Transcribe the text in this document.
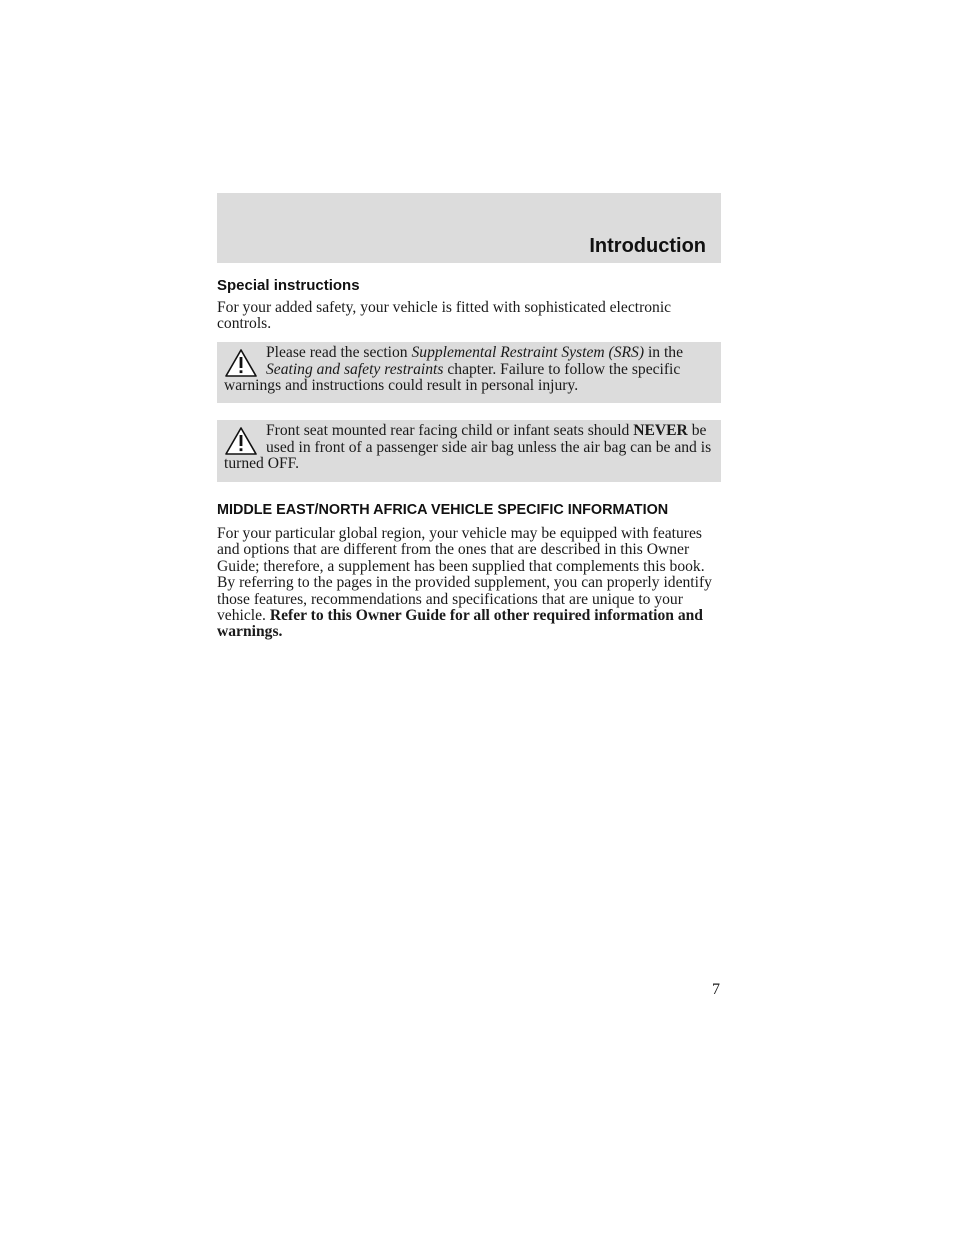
Introduction
Special instructions
For your added safety, your vehicle is fitted with sophisticated electronic controls.
Please read the section Supplemental Restraint System (SRS) in the Seating and safety restraints chapter. Failure to follow the specific warnings and instructions could result in personal injury.
Front seat mounted rear facing child or infant seats should NEVER be used in front of a passenger side air bag unless the air bag can be and is turned OFF.
MIDDLE EAST/NORTH AFRICA VEHICLE SPECIFIC INFORMATION
For your particular global region, your vehicle may be equipped with features and options that are different from the ones that are described in this Owner Guide; therefore, a supplement has been supplied that complements this book. By referring to the pages in the provided supplement, you can properly identify those features, recommendations and specifications that are unique to your vehicle. Refer to this Owner Guide for all other required information and warnings.
7
